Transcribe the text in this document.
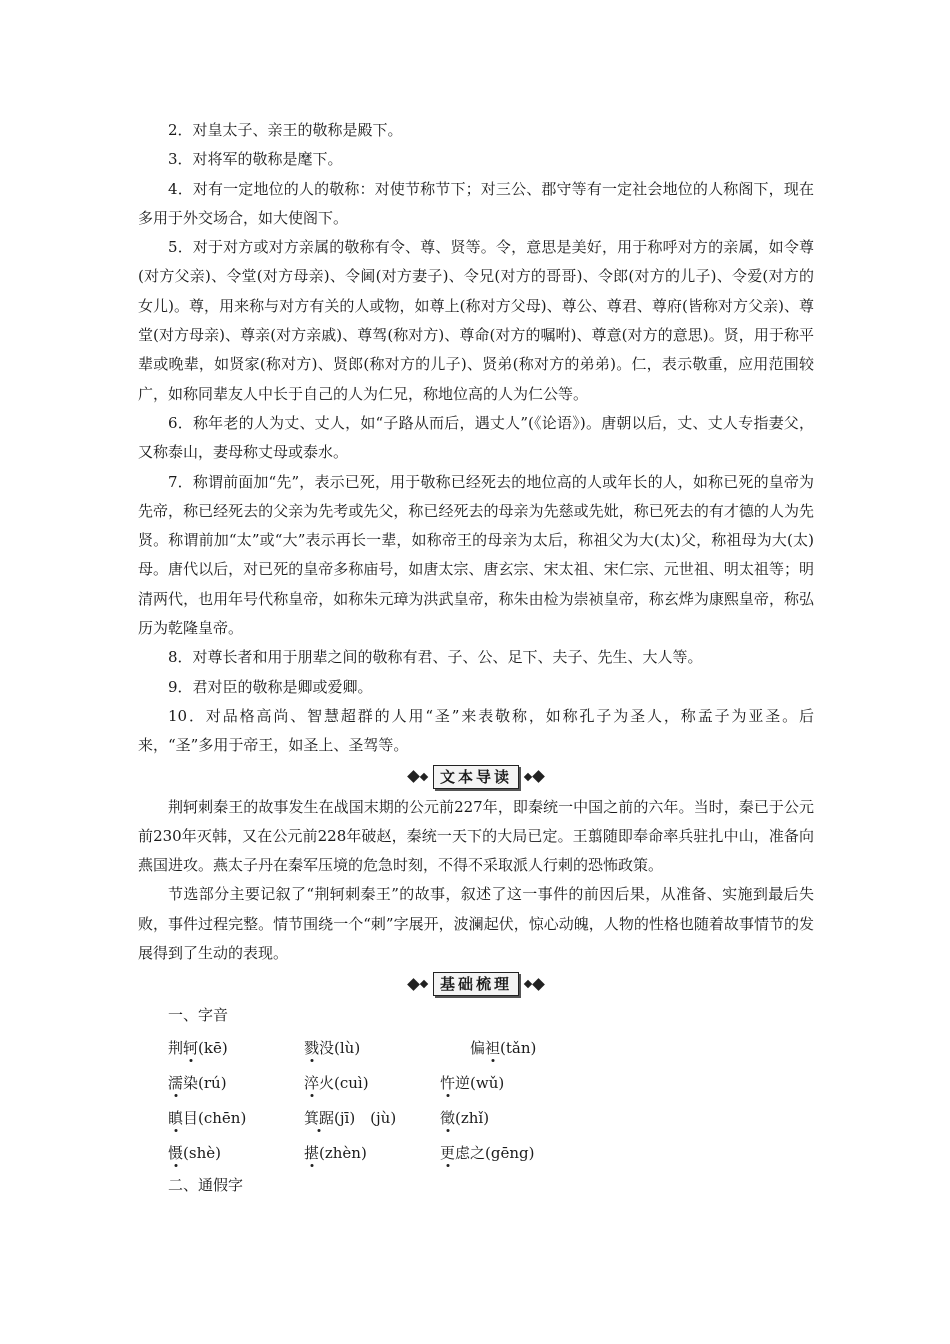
2．对皇太子、亲王的敬称是殿下。

3．对将军的敬称是麾下。

4．对有一定地位的人的敬称：对使节称节下；对三公、郡守等有一定社会地位的人称阁下，现在多用于外交场合，如大使阁下。

5．对于对方或对方亲属的敬称有令、尊、贤等。令，意思是美好，用于称呼对方的亲属，如令尊(对方父亲)、令堂(对方母亲)、令阃(对方妻子)、令兄(对方的哥哥)、令郎(对方的儿子)、令爱(对方的女儿)。尊，用来称与对方有关的人或物，如尊上(称对方父母)、尊公、尊君、尊府(皆称对方父亲)、尊堂(对方母亲)、尊亲(对方亲戚)、尊驾(称对方)、尊命(对方的嘱咐)、尊意(对方的意思)。贤，用于称平辈或晚辈，如贤家(称对方)、贤郎(称对方的儿子)、贤弟(称对方的弟弟)。仁，表示敬重，应用范围较广，如称同辈友人中长于自己的人为仁兄，称地位高的人为仁公等。

6．称年老的人为丈、丈人，如“子路从而后，遇丈人”(《论语》)。唐朝以后，丈、丈人专指妻父，又称泰山，妻母称丈母或泰水。

7．称谓前面加“先”，表示已死，用于敬称已经死去的地位高的人或年长的人，如称已死的皇帝为先帝，称已经死去的父亲为先考或先父，称已经死去的母亲为先慈或先妣，称已死去的有才德的人为先贤。称谓前加“太”或“大”表示再长一辈，如称帝王的母亲为太后，称祖父为大(太)父，称祖母为大(太)母。唐代以后，对已死的皇帝多称庙号，如唐太宗、唐玄宗、宋太祖、宋仁宗、元世祖、明太祖等；明清两代，也用年号代称皇帝，如称朱元璋为洪武皇帝，称朱由检为崇祯皇帝，称玄烨为康熙皇帝，称弘历为乾隆皇帝。

8．对尊长者和用于朋辈之间的敬称有君、子、公、足下、夫子、先生、大人等。

9．君对臣的敬称是卿或爱卿。

10．对品格高尚、智慧超群的人用“圣”来表敬称，如称孔子为圣人，称孟子为亚圣。后来，“圣”多用于帝王，如圣上、圣驾等。

文本导读

荆轲刺秦王的故事发生在战国末期的公元前227年，即秦统一中国之前的六年。当时，秦已于公元前230年灭韩，又在公元前228年破赵，秦统一天下的大局已定。王翦随即奉命率兵驻扎中山，准备向燕国进攻。燕太子丹在秦军压境的危急时刻，不得不采取派人行刺的恐怖政策。

节选部分主要记叙了“荆轲刺秦王”的故事，叙述了这一事件的前因后果，从准备、实施到最后失败，事件过程完整。情节围绕一个“刺”字展开，波澜起伏，惊心动魄，人物的性格也随着故事情节的发展得到了生动的表现。

基础梳理

一、字音

荆轲(kē)	戮没(lù)	偏袒(tǎn)
濡染(rú)	淬火(cuì)	忤逆(wǔ)
瞋目(chēn)	箕踞(jī)　(jù)	徵(zhǐ)
慑(shè)	揕(zhèn)	更虑之(gēng)

二、通假字
